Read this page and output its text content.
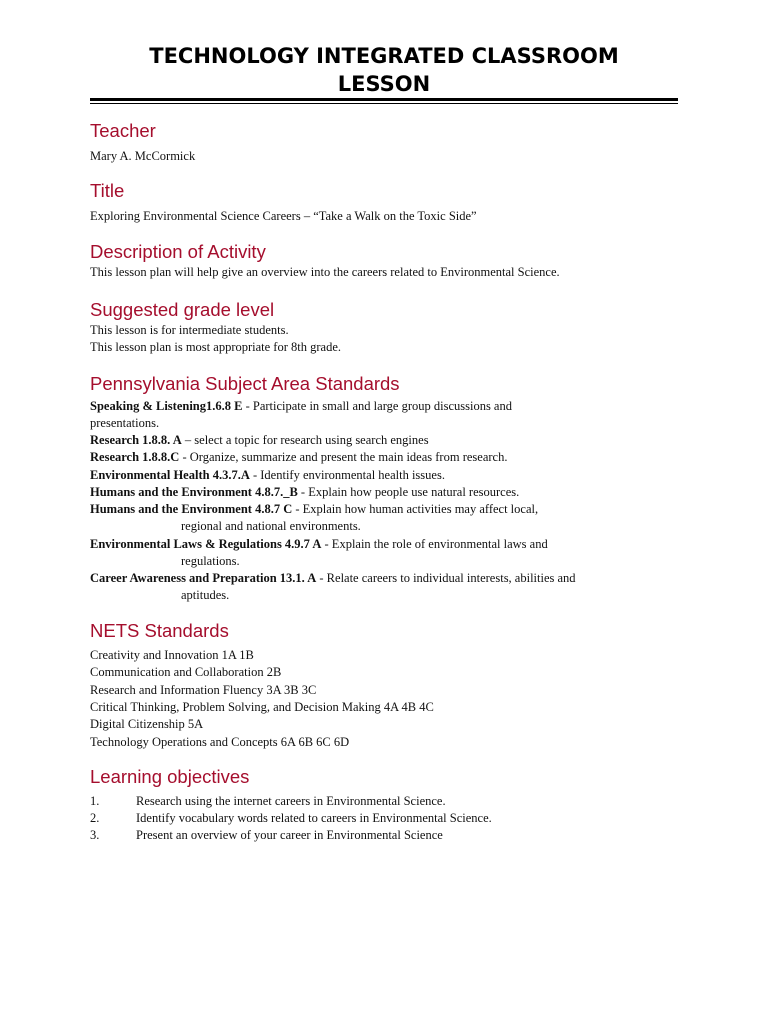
TECHNOLOGY INTEGRATED CLASSROOM
LESSON
Teacher
Mary A. McCormick
Title
Exploring Environmental Science Careers – “Take a Walk on the Toxic Side”
Description of Activity
This lesson plan will help give an overview into the careers related to Environmental Science.
Suggested grade level
This lesson is for intermediate students.
This lesson plan is most appropriate for 8th grade.
Pennsylvania Subject Area Standards
Speaking & Listening1.6.8 E - Participate in small and large group discussions and
presentations.
Research 1.8.8. A – select a topic for research using search engines
Research 1.8.8.C - Organize, summarize and present the main ideas from research.
Environmental Health 4.3.7.A - Identify environmental health issues.
Humans and the Environment 4.8.7._B - Explain how people use natural resources.
Humans and the Environment 4.8.7 C - Explain how human activities may affect local,
regional and national environments.
Environmental Laws & Regulations 4.9.7 A - Explain the role of environmental laws and
regulations.
Career Awareness and Preparation 13.1. A - Relate careers to individual interests, abilities and
aptitudes.
NETS Standards
Creativity and Innovation 1A 1B
Communication and Collaboration 2B
Research and Information Fluency 3A 3B 3C
Critical Thinking, Problem Solving, and Decision Making 4A 4B 4C
Digital Citizenship 5A
Technology Operations and Concepts 6A 6B 6C 6D
Learning objectives
1.	Research using the internet careers in Environmental Science.
2.	Identify vocabulary words related to careers in Environmental Science.
3.	Present an overview of your career in Environmental Science
